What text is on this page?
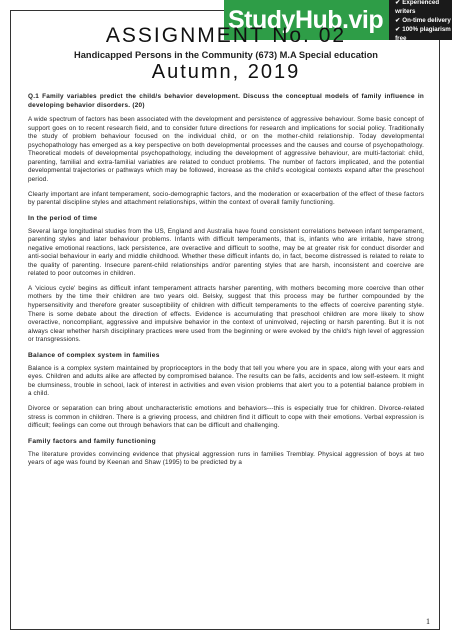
StudyHub.vip
✔ Experienced writers
✔ On-time delivery
✔ 100% plagiarism free
ASSIGNMENT No. 02
Handicapped Persons in the Community (673) M.A Special education
Autumn, 2019
Q.1 Family variables predict the child/s behavior development. Discuss the conceptual models of family influence in developing behavior disorders. (20)

A wide spectrum of factors has been associated with the development and persistence of aggressive behaviour. Some basic concept of support goes on to recent research field, and to consider future directions for research and implications for social policy. Traditionally the study of problem behaviour focused on the individual child, or on the mother-child relationship. Today developmental psychopathology has emerged as a key perspective on both developmental processes and the causes and course of psychopathology. Theoretical models of developmental psychopathology, including the development of aggressive behaviour, are multi-factorial: child, parenting, familial and extra-familial variables are related to conduct problems. The number of factors implicated, and the potential developmental trajectories or pathways which may be followed, increase as the child's ecological contexts expand after the preschool period.

Clearly important are infant temperament, socio-demographic factors, and the moderation or exacerbation of the effect of these factors by parental discipline styles and attachment relationships, within the context of overall family functioning.

In the period of time

Several large longitudinal studies from the US, England and Australia have found consistent correlations between infant temperament, parenting styles and later behaviour problems. Infants with difficult temperaments, that is, infants who are irritable, have strong negative emotional reactions, lack persistence, are overactive and difficult to soothe, may be at greater risk for conduct disorder and anti-social behaviour in early and middle childhood. Whether these difficult infants do, in fact, become distressed is related to relate to the quality of parenting. Insecure parent-child relationships and/or parenting styles that are harsh, inconsistent and coercive are related to poor outcomes in children.

A 'vicious cycle' begins as difficult infant temperament attracts harsher parenting, with mothers becoming more coercive than other mothers by the time their children are two years old. Belsky, suggest that this process may be further compounded by the hypersensitivity and therefore greater susceptibility of children with difficult temperaments to the effects of coercive parenting style. There is some debate about the direction of effects. Evidence is accumulating that preschool children are more likely to show overactive, noncompliant, aggressive and impulsive behavior in the context of uninvolved, rejecting or harsh parenting. But it is not always clear whether harsh disciplinary practices were used from the beginning or were evoked by the child's high level of aggression or transgressions.

Balance of complex system in families

Balance is a complex system maintained by proprioceptors in the body that tell you where you are in space, along with your ears and eyes. Children and adults alike are affected by compromised balance. The results can be falls, accidents and low self-esteem. It might be clumsiness, trouble in school, lack of interest in activities and even vision problems that alert you to a potential balance problem in a child.

Divorce or separation can bring about uncharacteristic emotions and behaviors---this is especially true for children. Divorce-related stress is common in children. There is a grieving process, and children find it difficult to cope with their emotions. Verbal expression is difficult; feelings can come out through behaviors that can be difficult and challenging.

Family factors and family functioning

The literature provides convincing evidence that physical aggression runs in families Tremblay. Physical aggression of boys at two years of age was found by Keenan and Shaw (1995) to be predicted by a

1
